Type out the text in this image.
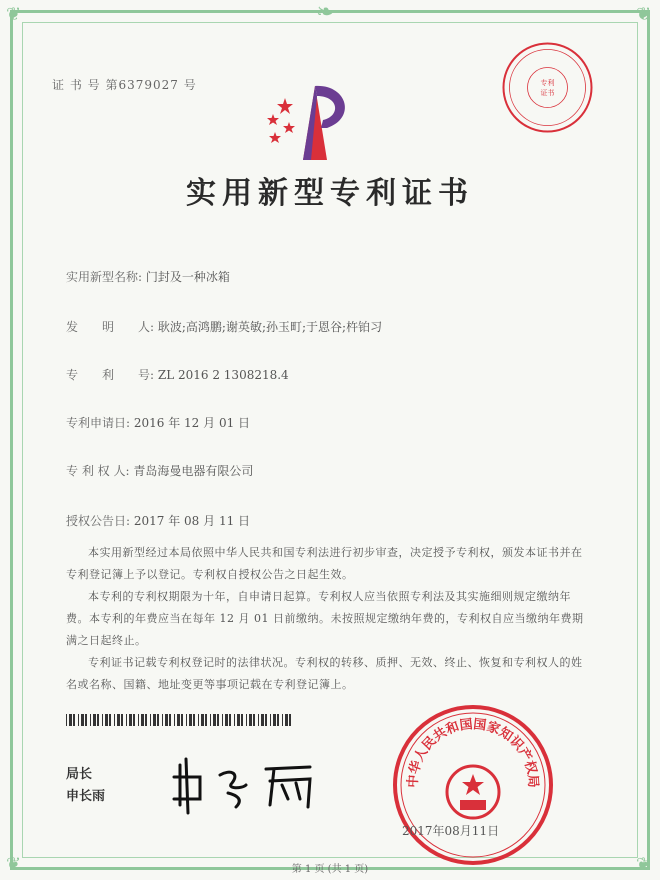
❦	❦
❦	❦
❧
证 书 号 第6379027 号	专利
证书
实用新型专利证书
实用新型名称: 门封及一种冰箱
发　　明　　人: 耿波;高鸿鹏;谢英敏;孙玉町;于恩谷;杵铂习
专　　利　　号: ZL 2016 2 1308218.4
专利申请日: 2016 年 12 月 01 日
专 利 权 人: 青岛海曼电器有限公司
授权公告日: 2017 年 08 月 11 日

本实用新型经过本局依照中华人民共和国专利法进行初步审查，决定授予专利权，颁发本证书并在专利登记簿上予以登记。专利权自授权公告之日起生效。

本专利的专利权期限为十年，自申请日起算。专利权人应当依照专利法及其实施细则规定缴纳年费。本专利的年费应当在每年 12 月 01 日前缴纳。未按照规定缴纳年费的，专利权自应当缴纳年费期满之日起终止。

专利证书记载专利权登记时的法律状况。专利权的转移、质押、无效、终止、恢复和专利权人的姓名或名称、国籍、地址变更等事项记载在专利登记簿上。

局长
申长雨
中华人民共和国国家知识产权局
2017年08月11日
第 1 页 (共 1 页)
